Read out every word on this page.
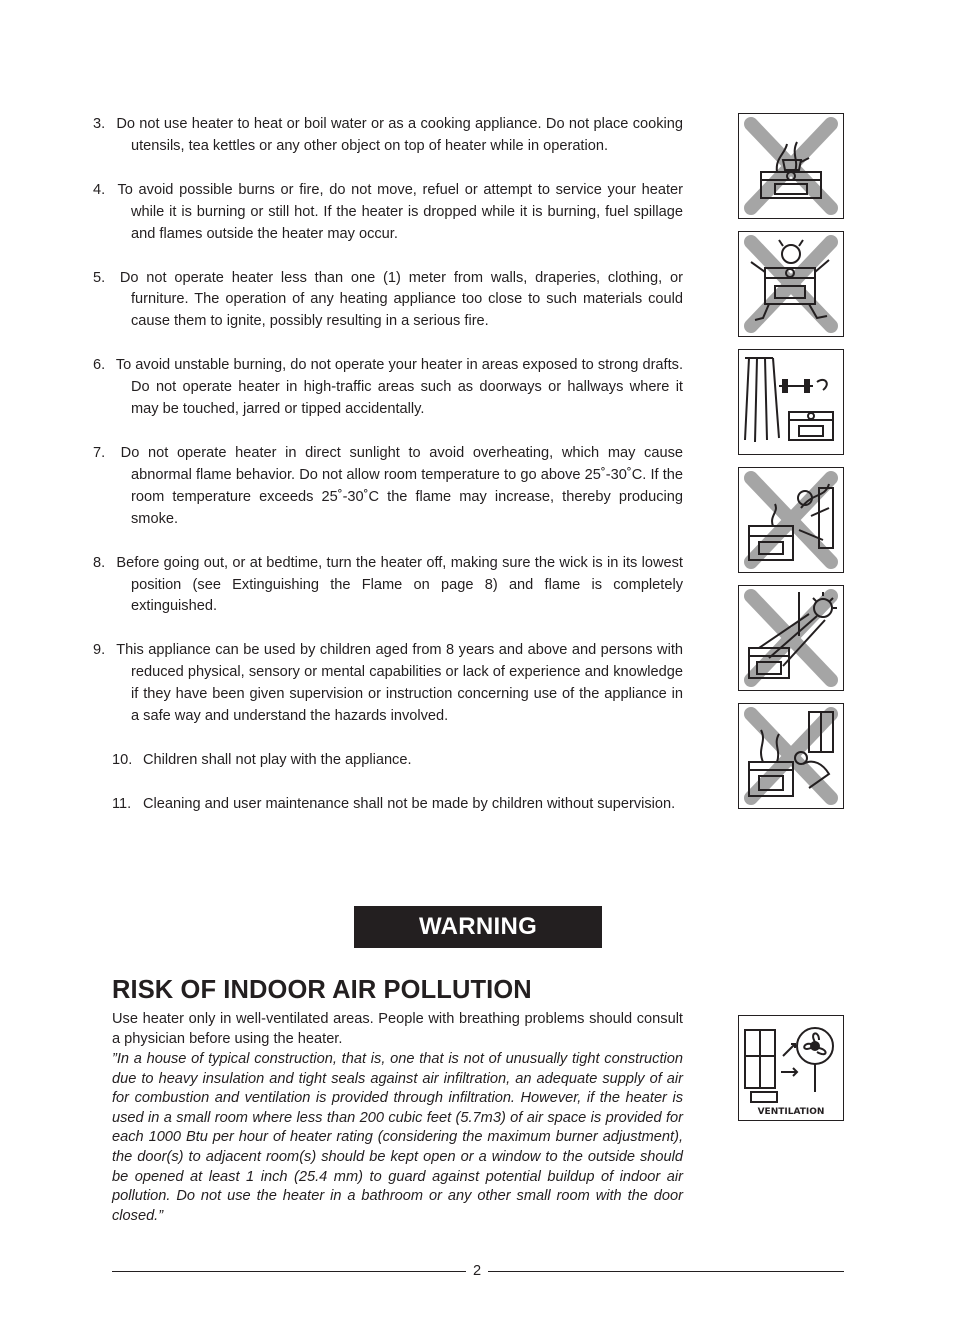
3. Do not use heater to heat or boil water or as a cooking appliance. Do not place cooking utensils, tea kettles or any other object on top of heater while in operation.
4. To avoid possible burns or fire, do not move, refuel or attempt to service your heater while it is burning or still hot. If the heater is dropped while it is burning, fuel spillage and flames outside the heater may occur.
5. Do not operate heater less than one (1) meter from walls, draperies, clothing, or furniture. The operation of any heating appliance too close to such materials could cause them to ignite, possibly resulting in a serious fire.
6. To avoid unstable burning, do not operate your heater in areas exposed to strong drafts. Do not operate heater in high-traffic areas such as doorways or hallways where it may be touched, jarred or tipped accidentally.
7. Do not operate heater in direct sunlight to avoid overheating, which may cause abnormal flame behavior. Do not allow room temperature to go above 25˚-30˚C. If the room temperature exceeds 25˚-30˚C the flame may increase, thereby producing smoke.
8. Before going out, or at bedtime, turn the heater off, making sure the wick is in its lowest position (see Extinguishing the Flame on page 8) and flame is completely extinguished.
9. This appliance can be used by children aged from 8 years and above and persons with reduced physical, sensory or mental capabilities or lack of experience and knowledge if they have been given supervision or instruction concerning use of the appliance in a safe way and understand the hazards involved.
10. Children shall not play with the appliance.
11. Cleaning and user maintenance shall not be made by children without supervision.
WARNING
RISK OF INDOOR AIR POLLUTION

Use heater only in well-ventilated areas. People with breathing problems should consult a physician before using the heater.

”In a house of typical construction, that is, one that is not of unusually tight construction due to heavy insulation and tight seals against air infiltration, an adequate supply of air for combustion and ventilation is provided through infiltration. However, if the heater is used in a small room where less than 200 cubic feet (5.7m3) of air space is provided for each 1000 Btu per hour of heater rating (considering the maximum burner adjustment), the door(s) to adjacent room(s) should be kept open or a window to the outside should be opened at least 1 inch (25.4 mm) to guard against potential buildup of indoor air pollution. Do not use the heater in a bathroom or any other small room with the door closed.”

VENTILATION
2
